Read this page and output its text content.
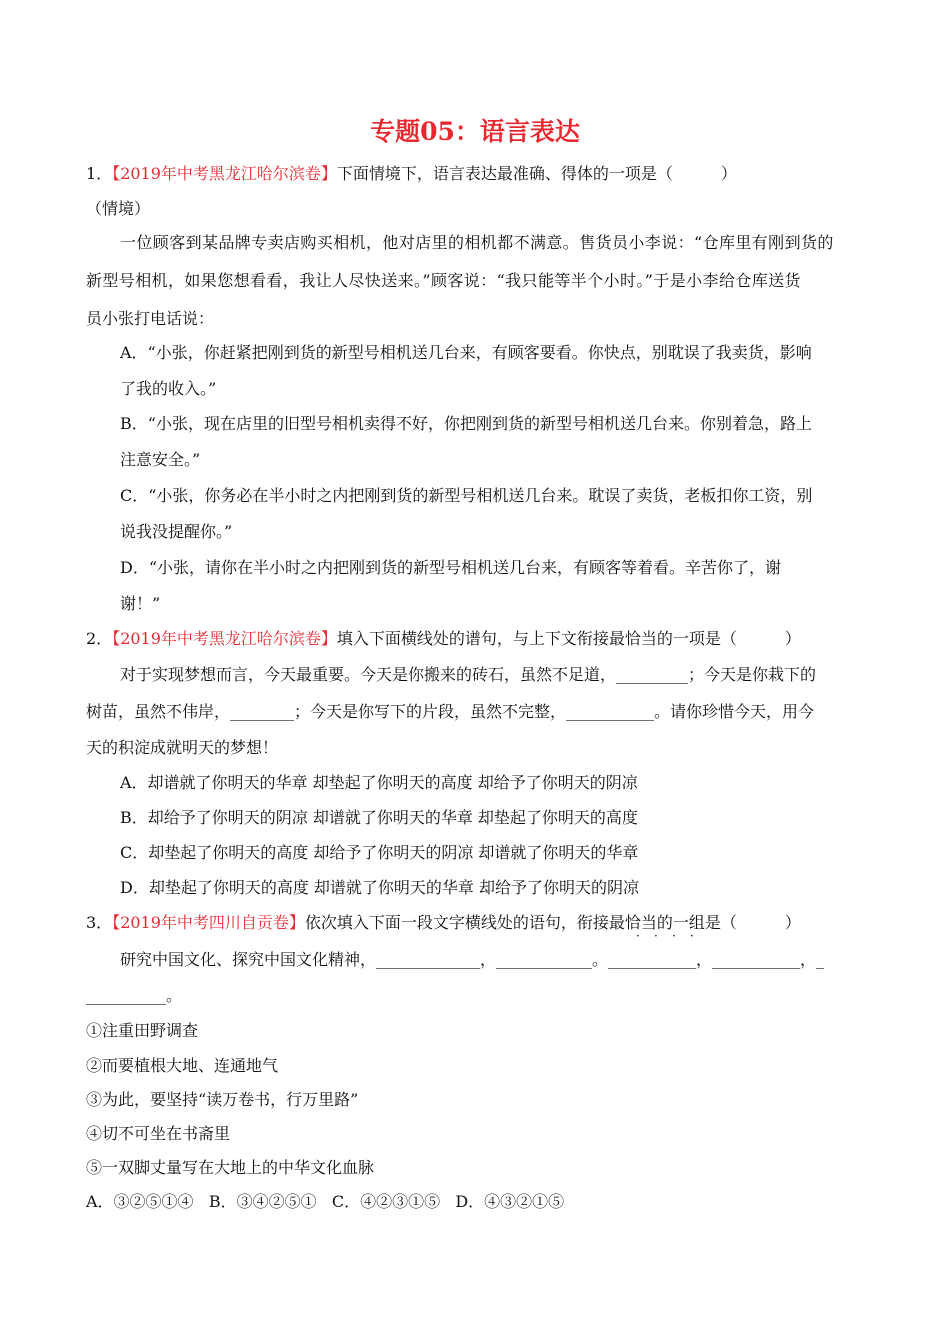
专题05：语言表达
1．【2019年中考黑龙江哈尔滨卷】下面情境下，语言表达最准确、得体的一项是（　　　）
（情境）
一位顾客到某品牌专卖店购买相机，他对店里的相机都不满意。售货员小李说：“仓库里有刚到货的
新型号相机，如果您想看看，我让人尽快送来。”顾客说：“我只能等半个小时。”于是小李给仓库送货
员小张打电话说：
A．“小张，你赶紧把刚到货的新型号相机送几台来，有顾客要看。你快点，别耽误了我卖货，影响
了我的收入。”
B．“小张，现在店里的旧型号相机卖得不好，你把刚到货的新型号相机送几台来。你别着急，路上
注意安全。”
C．“小张，你务必在半小时之内把刚到货的新型号相机送几台来。耽误了卖货，老板扣你工资，别
说我没提醒你。”
D．“小张，请你在半小时之内把刚到货的新型号相机送几台来，有顾客等着看。辛苦你了，谢
谢！”
2．【2019年中考黑龙江哈尔滨卷】填入下面横线处的谱句，与上下文衔接最恰当的一项是（　　　）
对于实现梦想而言，今天最重要。今天是你搬来的砖石，虽然不足道，_________；今天是你栽下的
树苗，虽然不伟岸，________；今天是你写下的片段，虽然不完整，___________。请你珍惜今天，用今
天的积淀成就明天的梦想！
A．却谱就了你明天的华章 却垫起了你明天的高度 却给予了你明天的阴凉
B．却给予了你明天的阴凉 却谱就了你明天的华章 却垫起了你明天的高度
C．却垫起了你明天的高度 却给予了你明天的阴凉 却谱就了你明天的华章
D．却垫起了你明天的高度 却谱就了你明天的华章 却给予了你明天的阴凉
3．【2019年中考四川自贡卷】依次填入下面一段文字横线处的语句，衔接最恰当的一组是（　　　）
· · · ·
研究中国文化、探究中国文化精神，_____________，____________。___________，___________，_
__________。
①注重田野调查
②而要植根大地、连通地气
③为此，要坚持“读万卷书，行万里路”
④切不可坐在书斋里
⑤一双脚丈量写在大地上的中华文化血脉
A．③②⑤①④   B．③④②⑤①   C．④②③①⑤   D．④③②①⑤
